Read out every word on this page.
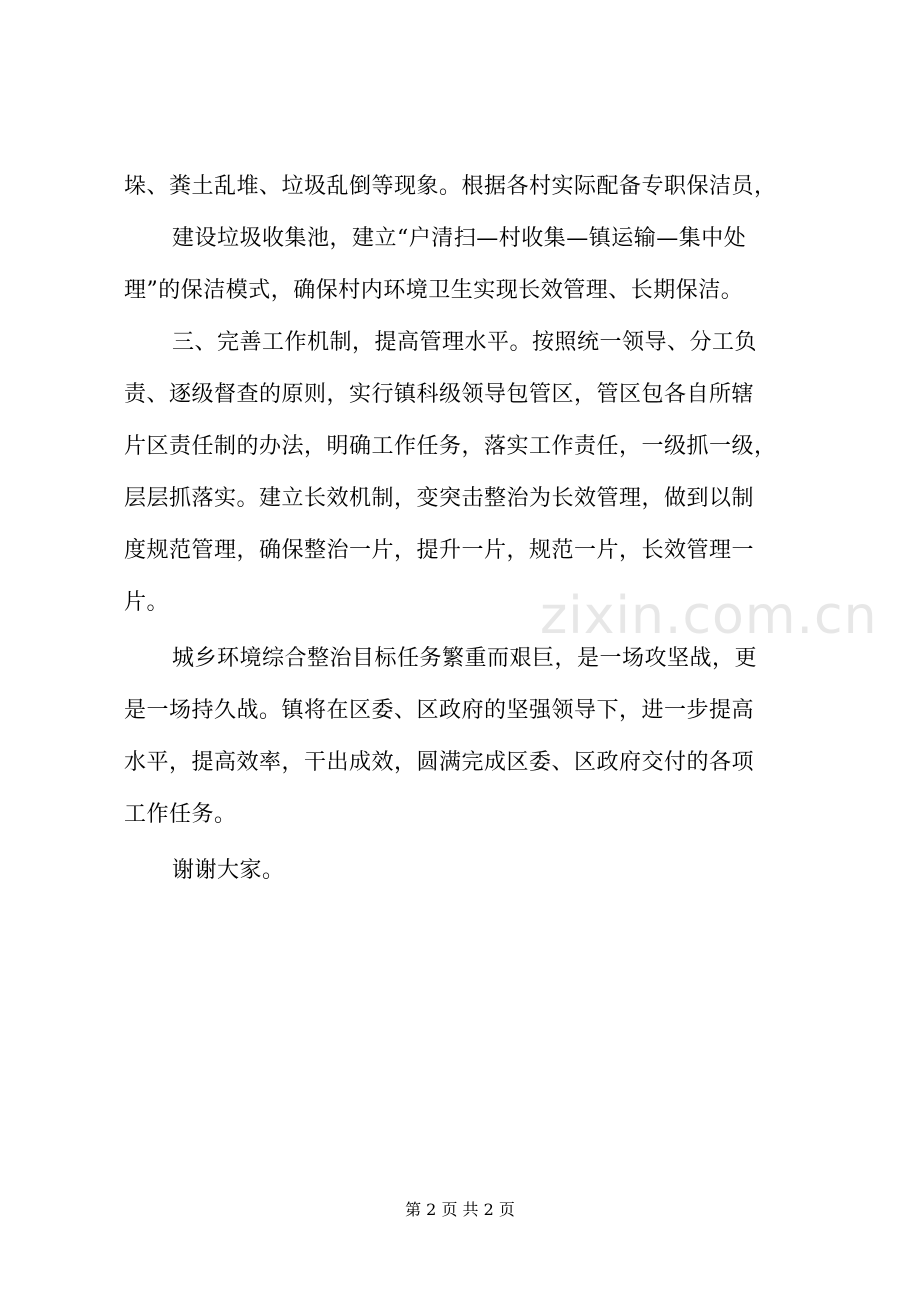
垛、粪土乱堆、垃圾乱倒等现象。根据各村实际配备专职保洁员，
建设垃圾收集池，建立“户清扫—村收集—镇运输—集中处
理”的保洁模式，确保村内环境卫生实现长效管理、长期保洁。
三、完善工作机制，提高管理水平。按照统一领导、分工负
责、逐级督查的原则，实行镇科级领导包管区，管区包各自所辖
片区责任制的办法，明确工作任务，落实工作责任，一级抓一级，
层层抓落实。建立长效机制，变突击整治为长效管理，做到以制
度规范管理，确保整治一片，提升一片，规范一片，长效管理一
片。
城乡环境综合整治目标任务繁重而艰巨，是一场攻坚战，更
是一场持久战。镇将在区委、区政府的坚强领导下，进一步提高
水平，提高效率，干出成效，圆满完成区委、区政府交付的各项
工作任务。
谢谢大家。
zixin.com.cn
第 2 页 共 2 页
